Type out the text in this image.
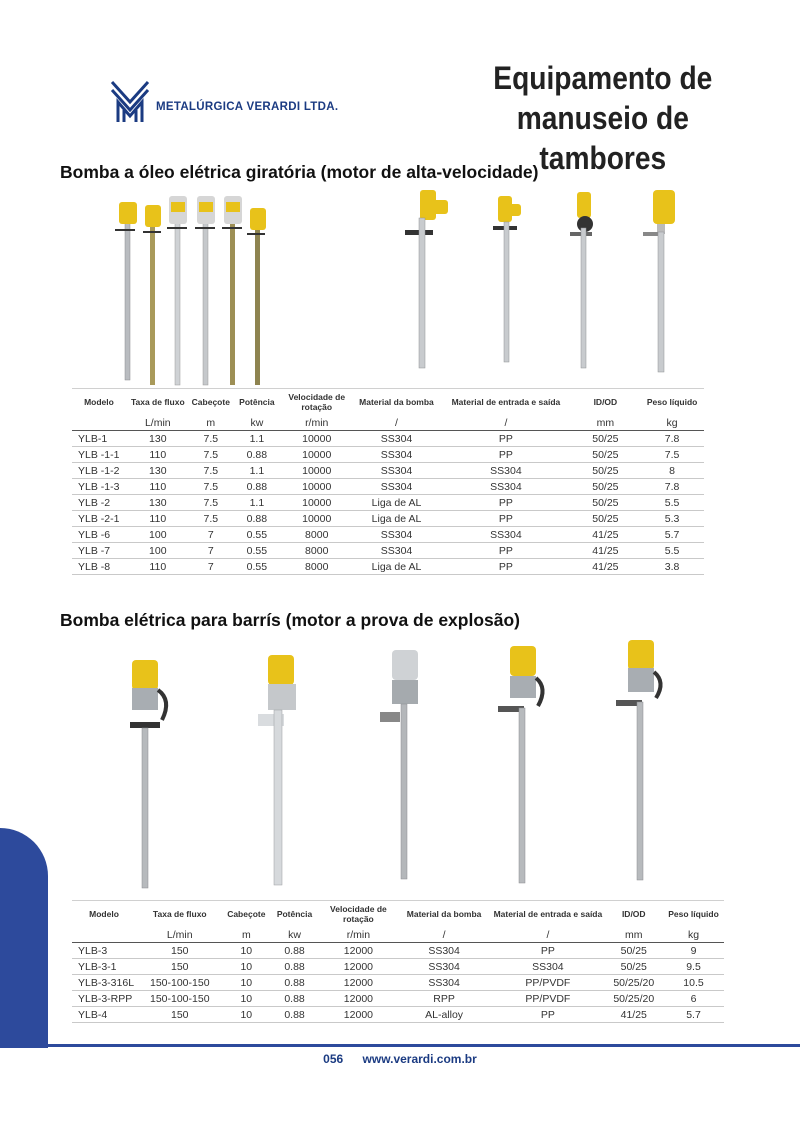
METALÚRGICA VERARDI LTDA.
Equipamento de
manuseio de tambores
Bomba a óleo elétrica giratória (motor de alta-velocidade)
Modelo	Taxa de fluxo	Cabeçote	Potência	Velocidade de rotação	Material da bomba	Material de entrada e saída	ID/OD	Peso líquido
	L/min	m	kw	r/min	/	/	mm	kg
YLB-1	130	7.5	1.1	10000	SS304	PP	50/25	7.8
YLB -1-1	110	7.5	0.88	10000	SS304	PP	50/25	7.5
YLB -1-2	130	7.5	1.1	10000	SS304	SS304	50/25	8
YLB -1-3	110	7.5	0.88	10000	SS304	SS304	50/25	7.8
YLB -2	130	7.5	1.1	10000	Liga de AL	PP	50/25	5.5
YLB -2-1	110	7.5	0.88	10000	Liga de AL	PP	50/25	5.3
YLB -6	100	7	0.55	8000	SS304	SS304	41/25	5.7
YLB -7	100	7	0.55	8000	SS304	PP	41/25	5.5
YLB -8	110	7	0.55	8000	Liga de AL	PP	41/25	3.8
Bomba elétrica para barrís (motor a prova de explosão)
Modelo	Taxa de fluxo	Cabeçote	Potência	Velocidade de rotação	Material da bomba	Material de entrada e saída	ID/OD	Peso líquido
	L/min	m	kw	r/min	/	/	mm	kg
YLB-3	150	10	0.88	12000	SS304	PP	50/25	9
YLB-3-1	150	10	0.88	12000	SS304	SS304	50/25	9.5
YLB-3-316L	150-100-150	10	0.88	12000	SS304	PP/PVDF	50/25/20	10.5
YLB-3-RPP	150-100-150	10	0.88	12000	RPP	PP/PVDF	50/25/20	6
YLB-4	150	10	0.88	12000	AL-alloy	PP	41/25	5.7
056 www.verardi.com.br
